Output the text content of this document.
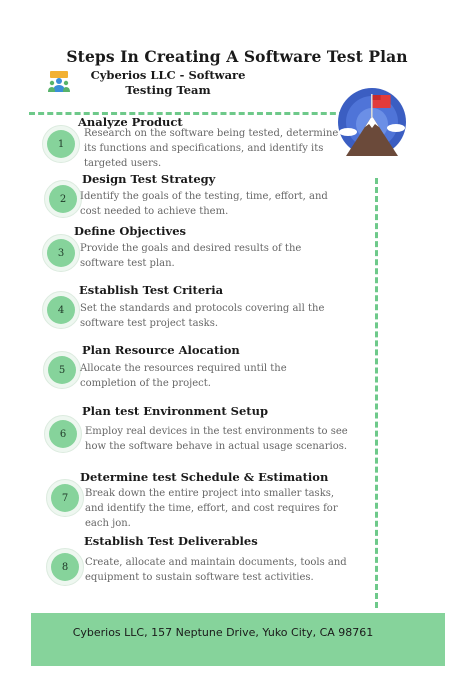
Steps In Creating A Software Test Plan
Cyberios LLC - Software Testing Team
1
Analyze Product
Research on the software being tested, determine its functions and specifications, and identify its targeted users.
2
Design Test Strategy
Identify the goals of the testing, time, effort, and cost needed to achieve them.
3
Define Objectives
Provide the goals and desired results of the software test plan.
4
Establish Test Criteria
Set the standards and protocols covering all the software test project tasks.
5
Plan Resource Alocation
Allocate the resources required until the completion of the project.
6
Plan test Environment Setup
Employ real devices in the test environments to see how the software behave in actual usage scenarios.
7
Determine test Schedule & Estimation
Break down the entire project into smaller tasks, and identify the time, effort, and cost requires for each jon.
8
Establish Test Deliverables
Create, allocate and maintain documents, tools and equipment to sustain software test activities.
Cyberios LLC, 157 Neptune Drive, Yuko City, CA 98761
